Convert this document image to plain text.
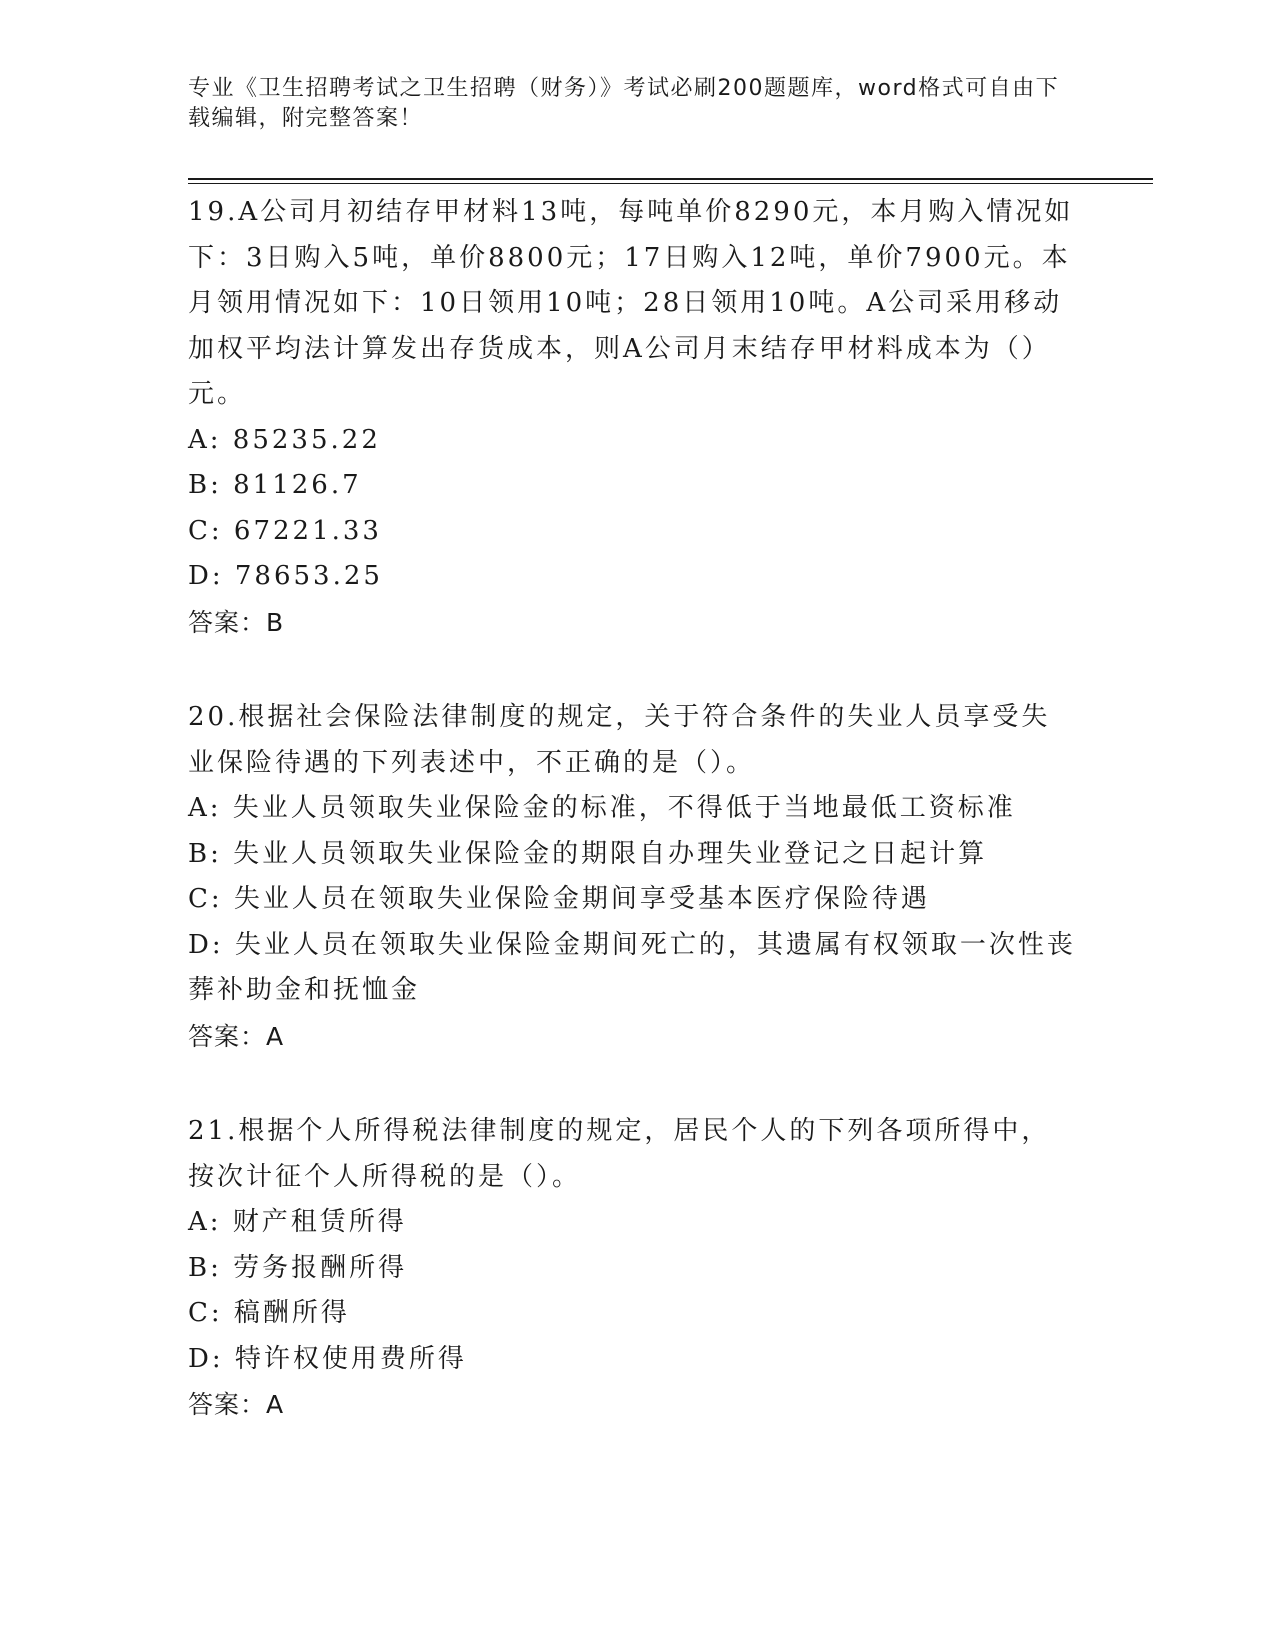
专业《卫生招聘考试之卫生招聘（财务）》考试必刷200题题库，word格式可自由下载编辑，附完整答案！

19.A公司月初结存甲材料13吨，每吨单价8290元，本月购入情况如下：3日购入5吨，单价8800元；17日购入12吨，单价7900元。本月领用情况如下：10日领用10吨；28日领用10吨。A公司采用移动加权平均法计算发出存货成本，则A公司月末结存甲材料成本为（）元。

A: 85235.22

B: 81126.7

C: 67221.33

D: 78653.25

答案：B

20.根据社会保险法律制度的规定，关于符合条件的失业人员享受失业保险待遇的下列表述中，不正确的是（）。

A: 失业人员领取失业保险金的标准，不得低于当地最低工资标准

B: 失业人员领取失业保险金的期限自办理失业登记之日起计算

C: 失业人员在领取失业保险金期间享受基本医疗保险待遇

D: 失业人员在领取失业保险金期间死亡的，其遗属有权领取一次性丧葬补助金和抚恤金

答案：A

21.根据个人所得税法律制度的规定，居民个人的下列各项所得中，按次计征个人所得税的是（）。

A: 财产租赁所得

B: 劳务报酬所得

C: 稿酬所得

D: 特许权使用费所得

答案：A
